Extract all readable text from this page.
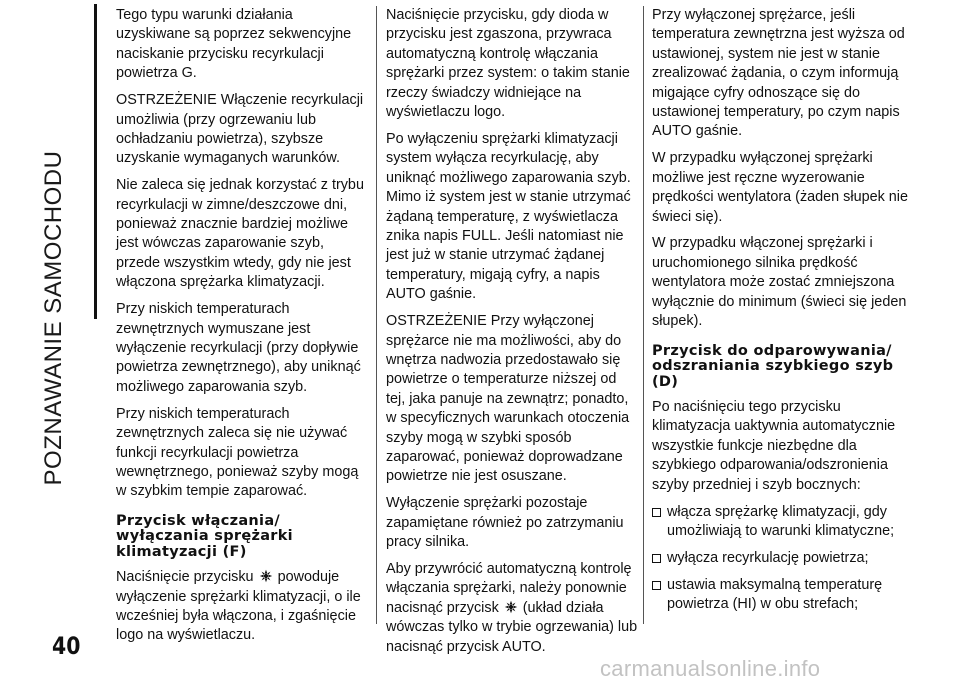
POZNAWANIE SAMOCHODU

Tego typu warunki działania uzyskiwane są poprzez sekwencyjne naciskanie przycisku recyrkulacji powietrza G.

OSTRZEŻENIE Włączenie recyrkulacji umożliwia (przy ogrzewaniu lub ochładzaniu powietrza), szybsze uzyskanie wymaganych warunków.

Nie zaleca się jednak korzystać z trybu recyrkulacji w zimne/deszczowe dni, ponieważ znacznie bardziej możliwe jest wówczas zaparowanie szyb, przede wszystkim wtedy, gdy nie jest włączona sprężarka klimatyzacji.

Przy niskich temperaturach zewnętrznych wymuszane jest wyłączenie recyrkulacji (przy dopływie powietrza zewnętrznego), aby uniknąć możliwego zaparowania szyb.

Przy niskich temperaturach zewnętrznych zaleca się nie używać funkcji recyrkulacji powietrza wewnętrznego, ponieważ szyby mogą w szybkim tempie zaparować.

Przycisk włączania/ wyłączania sprężarki klimatyzacji (F)

Naciśnięcie przycisku powoduje wyłączenie sprężarki klimatyzacji, o ile wcześniej była włączona, i zgaśnięcie logo na wyświetlaczu.

Naciśnięcie przycisku, gdy dioda w przycisku jest zgaszona, przywraca automatyczną kontrolę włączania sprężarki przez system: o takim stanie rzeczy świadczy widniejące na wyświetlaczu logo.

Po wyłączeniu sprężarki klimatyzacji system wyłącza recyrkulację, aby uniknąć możliwego zaparowania szyb. Mimo iż system jest w stanie utrzymać żądaną temperaturę, z wyświetlacza znika napis FULL. Jeśli natomiast nie jest już w stanie utrzymać żądanej temperatury, migają cyfry, a napis AUTO gaśnie.

OSTRZEŻENIE Przy wyłączonej sprężarce nie ma możliwości, aby do wnętrza nadwozia przedostawało się powietrze o temperaturze niższej od tej, jaka panuje na zewnątrz; ponadto, w specyficznych warunkach otoczenia szyby mogą w szybki sposób zaparować, ponieważ doprowadzane powietrze nie jest osuszane.

Wyłączenie sprężarki pozostaje zapamiętane również po zatrzymaniu pracy silnika.

Aby przywrócić automatyczną kontrolę włączania sprężarki, należy ponownie nacisnąć przycisk (układ działa wówczas tylko w trybie ogrzewania) lub nacisnąć przycisk AUTO.

Przy wyłączonej sprężarce, jeśli temperatura zewnętrzna jest wyższa od ustawionej, system nie jest w stanie zrealizować żądania, o czym informują migające cyfry odnoszące się do ustawionej temperatury, po czym napis AUTO gaśnie.

W przypadku wyłączonej sprężarki możliwe jest ręczne wyzerowanie prędkości wentylatora (żaden słupek nie świeci się).

W przypadku włączonej sprężarki i uruchomionego silnika prędkość wentylatora może zostać zmniejszona wyłącznie do minimum (świeci się jeden słupek).

Przycisk do odparowywania/ odszraniania szybkiego szyb (D)

Po naciśnięciu tego przycisku klimatyzacja uaktywnia automatycznie wszystkie funkcje niezbędne dla szybkiego odparowania/odszronienia szyby przedniej i szyb bocznych:

włącza sprężarkę klimatyzacji, gdy umożliwiają to warunki klimatyczne;
wyłącza recyrkulację powietrza;
ustawia maksymalną temperaturę powietrza (HI) w obu strefach;
40
carmanualsonline.info
